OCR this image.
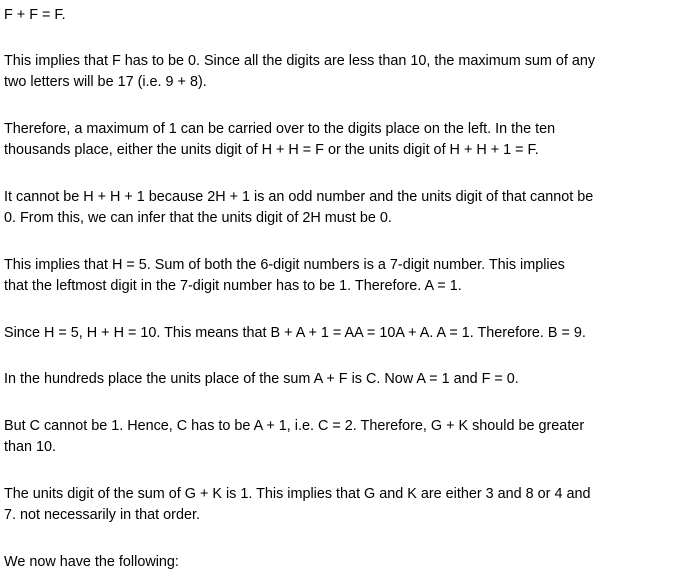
F + F = F.

This implies that F has to be 0. Since all the digits are less than 10, the maximum sum of any
two letters will be 17 (i.e. 9 + 8).

Therefore, a maximum of 1 can be carried over to the digits place on the left. In the ten
thousands place, either the units digit of H + H = F or the units digit of H + H + 1 = F.

It cannot be H + H + 1 because 2H + 1 is an odd number and the units digit of that cannot be
0. From this, we can infer that the units digit of 2H must be 0.

This implies that H = 5. Sum of both the 6-digit numbers is a 7-digit number. This implies
that the leftmost digit in the 7-digit number has to be 1. Therefore. A = 1.

Since H = 5, H + H = 10. This means that B + A + 1 = AA = 10A + A. A = 1. Therefore. B = 9.

In the hundreds place the units place of the sum A + F is C. Now A = 1 and F = 0.

But C cannot be 1. Hence, C has to be A + 1, i.e. C = 2. Therefore, G + K should be greater
than 10.

The units digit of the sum of G + K is 1. This implies that G and K are either 3 and 8 or 4 and
7. not necessarily in that order.

We now have the following:
